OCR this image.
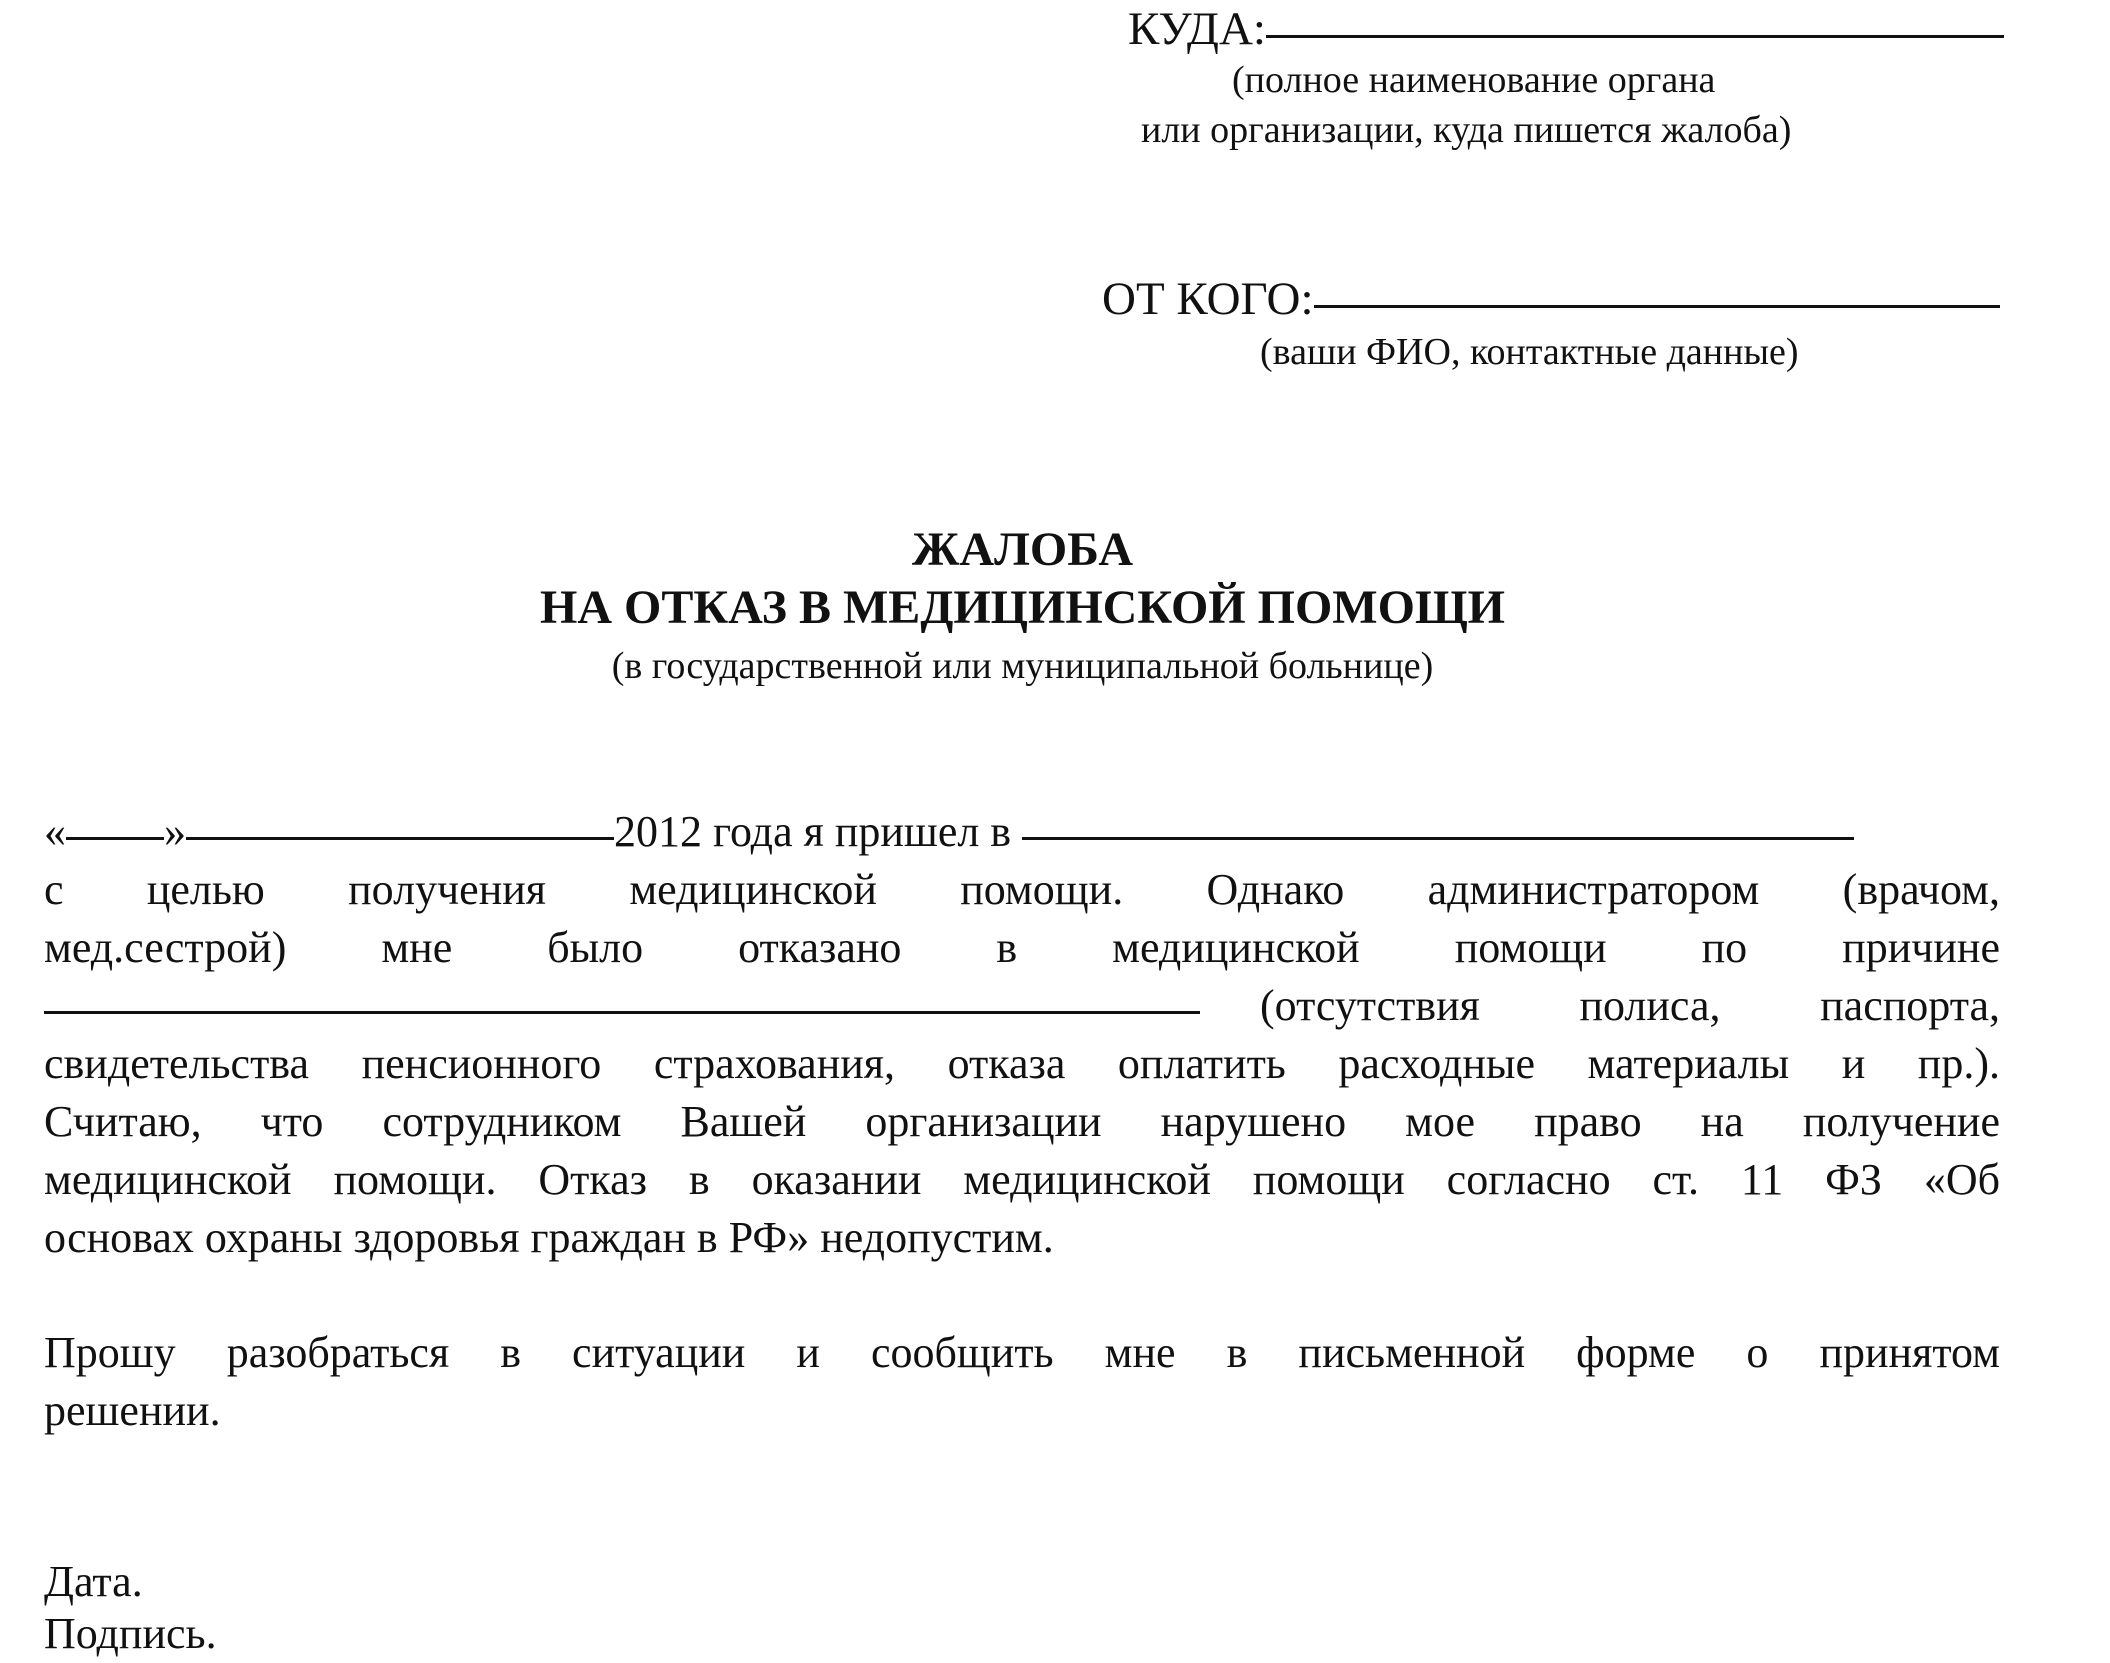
КУДА:
(полное наименование органа
или организации, куда пишется жалоба)
ОТ КОГО:
(ваши ФИО, контактные данные)
ЖАЛОБА
НА ОТКАЗ В МЕДИЦИНСКОЙ ПОМОЩИ
(в государственной или муниципальной больнице)
« »	2012 года я пришел в
с целью получения медицинской помощи. Однако администратором (врачом,
мед.сестрой) мне было отказано в медицинской помощи по причине
(отсутствия полиса, паспорта,
свидетельства пенсионного страхования, отказа оплатить расходные материалы и пр.).
Считаю, что сотрудником Вашей организации нарушено мое право на получение
медицинской помощи. Отказ в оказании медицинской помощи согласно ст. 11 ФЗ «Об
основах охраны здоровья граждан в РФ» недопустим.
Прошу разобраться в ситуации и сообщить мне в письменной форме о принятом
решении.
Дата.
Подпись.
